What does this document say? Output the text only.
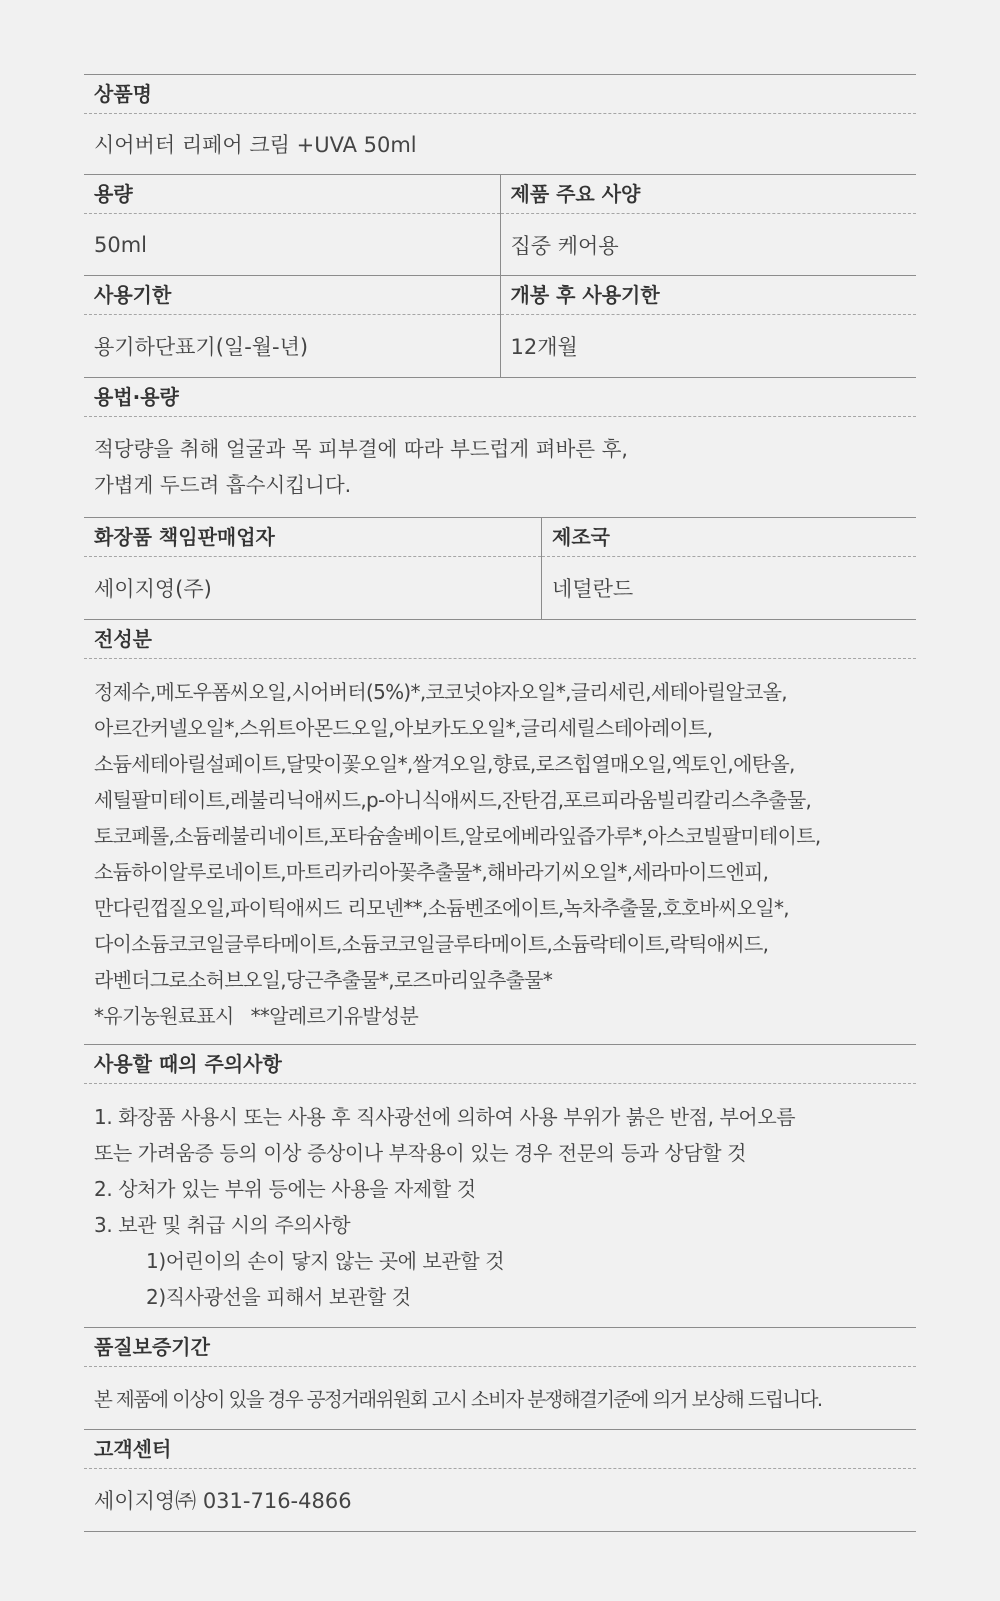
상품명
시어버터 리페어 크림 +UVA 50ml
용량
50ml
제품 주요 사양
집중 케어용
사용기한
용기하단표기(일-월-년)
개봉 후 사용기한
12개월
용법·용량
적당량을 취해 얼굴과 목 피부결에 따라 부드럽게 펴바른 후,
가볍게 두드려 흡수시킵니다.
화장품 책임판매업자
세이지영(주)
제조국
네덜란드
전성분
정제수,메도우폼씨오일,시어버터(5%)*,코코넛야자오일*,글리세린,세테아릴알코올,
아르간커넬오일*,스위트아몬드오일,아보카도오일*,글리세릴스테아레이트,
소듐세테아릴설페이트,달맞이꽃오일*,쌀겨오일,향료,로즈힙열매오일,엑토인,에탄올,
세틸팔미테이트,레불리닉애씨드,p-아니식애씨드,잔탄검,포르피라움빌리칼리스추출물,
토코페롤,소듐레불리네이트,포타슘솔베이트,알로에베라잎즙가루*,아스코빌팔미테이트,
소듐하이알루로네이트,마트리카리아꽃추출물*,해바라기씨오일*,세라마이드엔피,
만다린껍질오일,파이틱애씨드 리모넨**,소듐벤조에이트,녹차추출물,호호바씨오일*,
다이소듐코코일글루타메이트,소듐코코일글루타메이트,소듐락테이트,락틱애씨드,
라벤더그로소허브오일,당근추출물*,로즈마리잎추출물*
*유기농원료표시   **알레르기유발성분
사용할 때의 주의사항
1. 화장품 사용시 또는 사용 후 직사광선에 의하여 사용 부위가 붉은 반점, 부어오름
또는 가려움증 등의 이상 증상이나 부작용이 있는 경우 전문의 등과 상담할 것
2. 상처가 있는 부위 등에는 사용을 자제할 것
3. 보관 및 취급 시의 주의사항
1)어린이의 손이 닿지 않는 곳에 보관할 것
2)직사광선을 피해서 보관할 것
품질보증기간
본 제품에 이상이 있을 경우 공정거래위원회 고시 소비자 분쟁해결기준에 의거 보상해 드립니다.
고객센터
세이지영㈜ 031-716-4866
